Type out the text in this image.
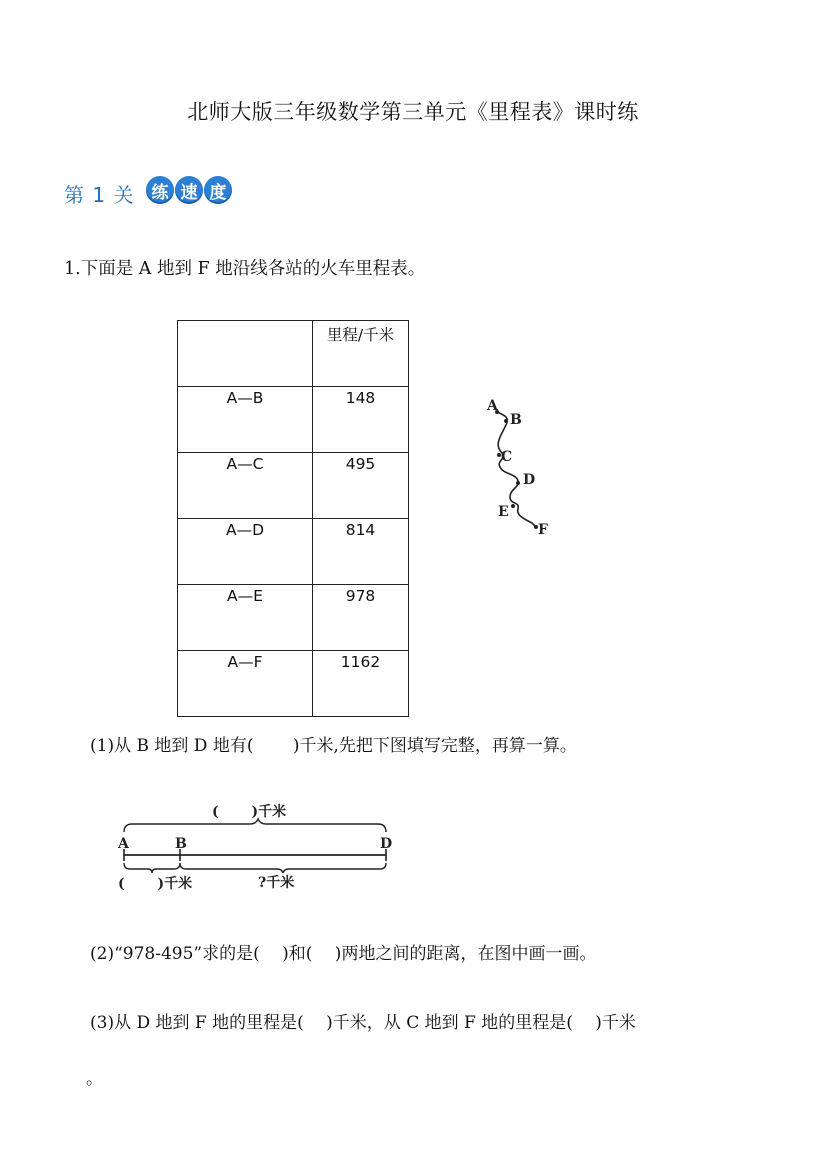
北师大版三年级数学第三单元《里程表》课时练
第 1 关	练 速 度
1.下面是 A 地到 F 地沿线各站的火车里程表。
	里程/千米
A—B	148
A—C	495
A—D	814
A—E	978
A—F	1162
A
B
C
D
E
F
(1)从 B 地到 D 地有(　　 )千米,先把下图填写完整，再算一算。
(　　 )千米
A	B	D
(　　 )千米	?千米
(2)“978-495”求的是(　 )和(　 )两地之间的距离，在图中画一画。
(3)从 D 地到 F 地的里程是(　 )千米，从 C 地到 F 地的里程是(　 )千米
。
